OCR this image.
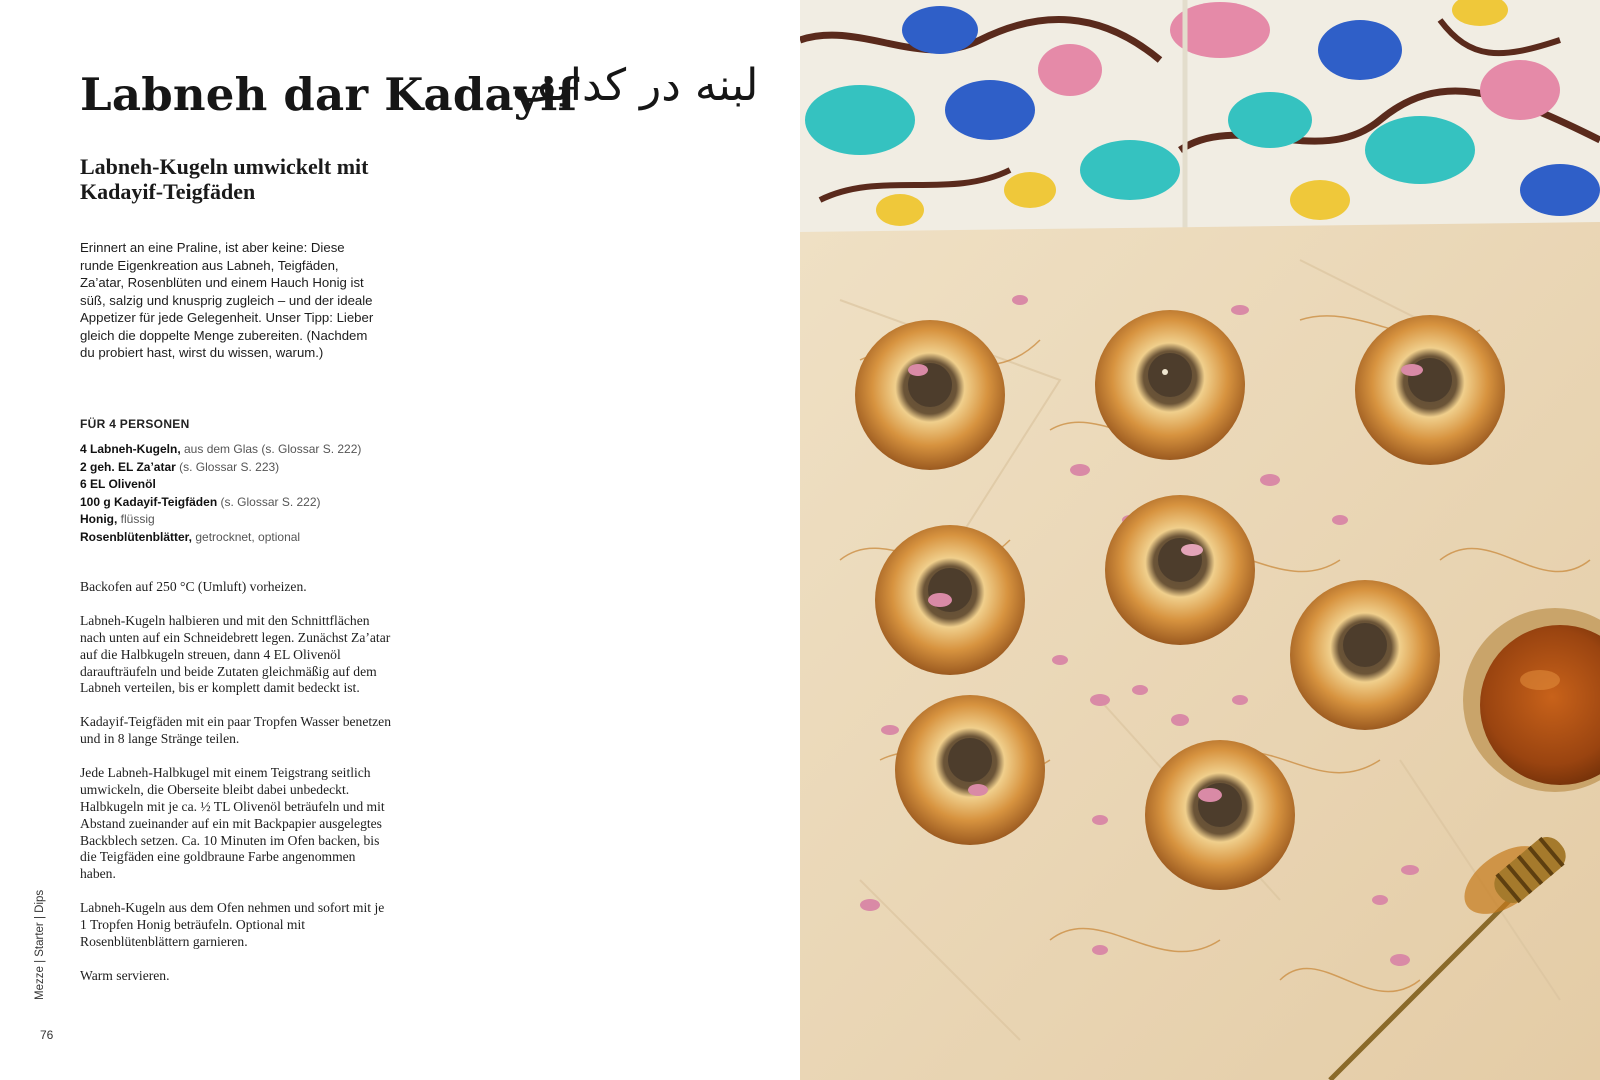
Labneh dar Kadayif
لبنه در کدایف
Labneh-Kugeln umwickelt mit Kadayif-Teigfäden
Erinnert an eine Praline, ist aber keine: Diese runde Eigenkreation aus Labneh, Teigfäden, Za’atar, Rosenblüten und einem Hauch Honig ist süß, salzig und knusprig zugleich – und der ideale Appetizer für jede Gelegenheit. Unser Tipp: Lieber gleich die doppelte Menge zubereiten. (Nachdem du probiert hast, wirst du wissen, warum.)
FÜR 4 PERSONEN
4 Labneh-Kugeln, aus dem Glas (s. Glossar S. 222)
2 geh. EL Za’atar (s. Glossar S. 223)
6 EL Olivenöl
100 g Kadayif-Teigfäden (s. Glossar S. 222)
Honig, flüssig
Rosenblütenblätter, getrocknet, optional

Backofen auf 250 °C (Umluft) vorheizen.

Labneh-Kugeln halbieren und mit den Schnittflächen nach unten auf ein Schneidebrett legen. Zunächst Za’atar auf die Halbkugeln streuen, dann 4 EL Olivenöl daraufträufeln und beide Zutaten gleichmäßig auf dem Labneh verteilen, bis er komplett damit bedeckt ist.

Kadayif-Teigfäden mit ein paar Tropfen Wasser benetzen und in 8 lange Stränge teilen.

Jede Labneh-Halbkugel mit einem Teigstrang seitlich umwickeln, die Oberseite bleibt dabei unbedeckt. Halbkugeln mit je ca. ½ TL Olivenöl beträufeln und mit Abstand zueinander auf ein mit Backpapier ausgelegtes Backblech setzen. Ca. 10 Minuten im Ofen backen, bis die Teigfäden eine goldbraune Farbe angenommen haben.

Labneh-Kugeln aus dem Ofen nehmen und sofort mit je 1 Tropfen Honig beträufeln. Optional mit Rosenblütenblättern garnieren.

Warm servieren.

Mezze | Starter | Dips
76
